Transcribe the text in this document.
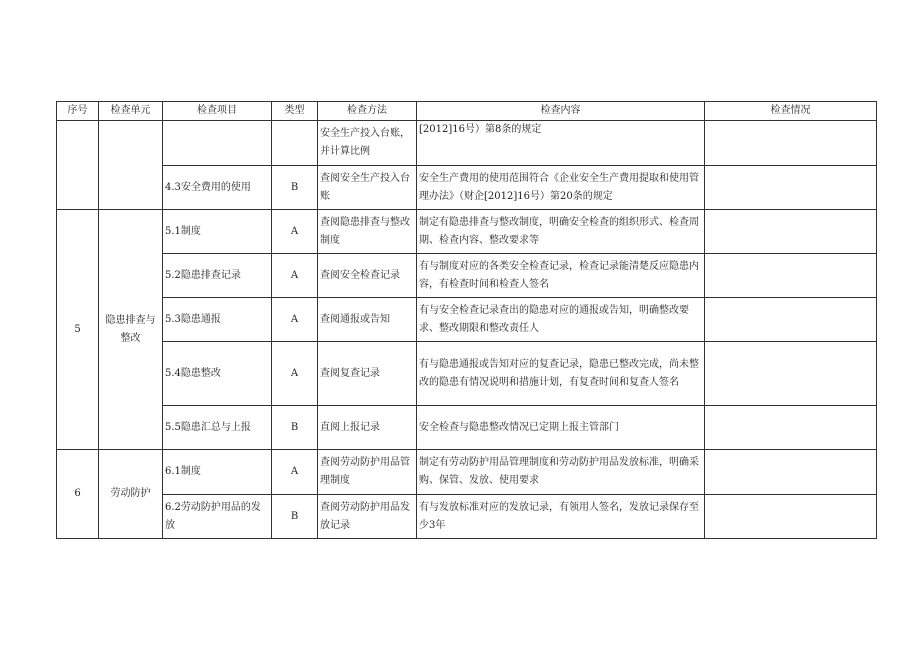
序号	检查单元	检查项目	类型	检查方法	检查内容	检查情况
				安全生产投入台账，并计算比例	[2012]16号）第8条的规定	
		4.3安全费用的使用	B	查阅安全生产投入台账	安全生产费用的使用范围符合《企业安全生产费用提取和使用管理办法》（财企[2012]16号）第20条的规定	
5	隐患排查与整改	5.1制度	A	查阅隐患排查与整改制度	制定有隐患排查与整改制度，明确安全检查的组织形式、检查周期、检查内容、整改要求等	
		5.2隐患排查记录	A	查阅安全检查记录	有与制度对应的各类安全检查记录，检查记录能清楚反应隐患内容，有检查时间和检查人签名	
		5.3隐患通报	A	查阅通报或告知	有与安全检查记录查出的隐患对应的通报或告知，明确整改要求、整改期限和整改责任人	
		5.4隐患整改	A	查阅复查记录	有与隐患通报或告知对应的复查记录，隐患已整改完成，尚未整改的隐患有情况说明和措施计划，有复查时间和复查人签名	
		5.5隐患汇总与上报	B	直阅上报记录	安全检查与隐患整改情况已定期上报主管部门	
6	劳动防护	6.1制度	A	查阅劳动防护用品管理制度	制定有劳动防护用品管理制度和劳动防护用品发放标准，明确采购、保管、发放、使用要求	
		6.2劳动防护用品的发放	B	查阅劳动防护用品发放记录	有与发放标准对应的发放记录，有领用人签名，发放记录保存至少3年	
